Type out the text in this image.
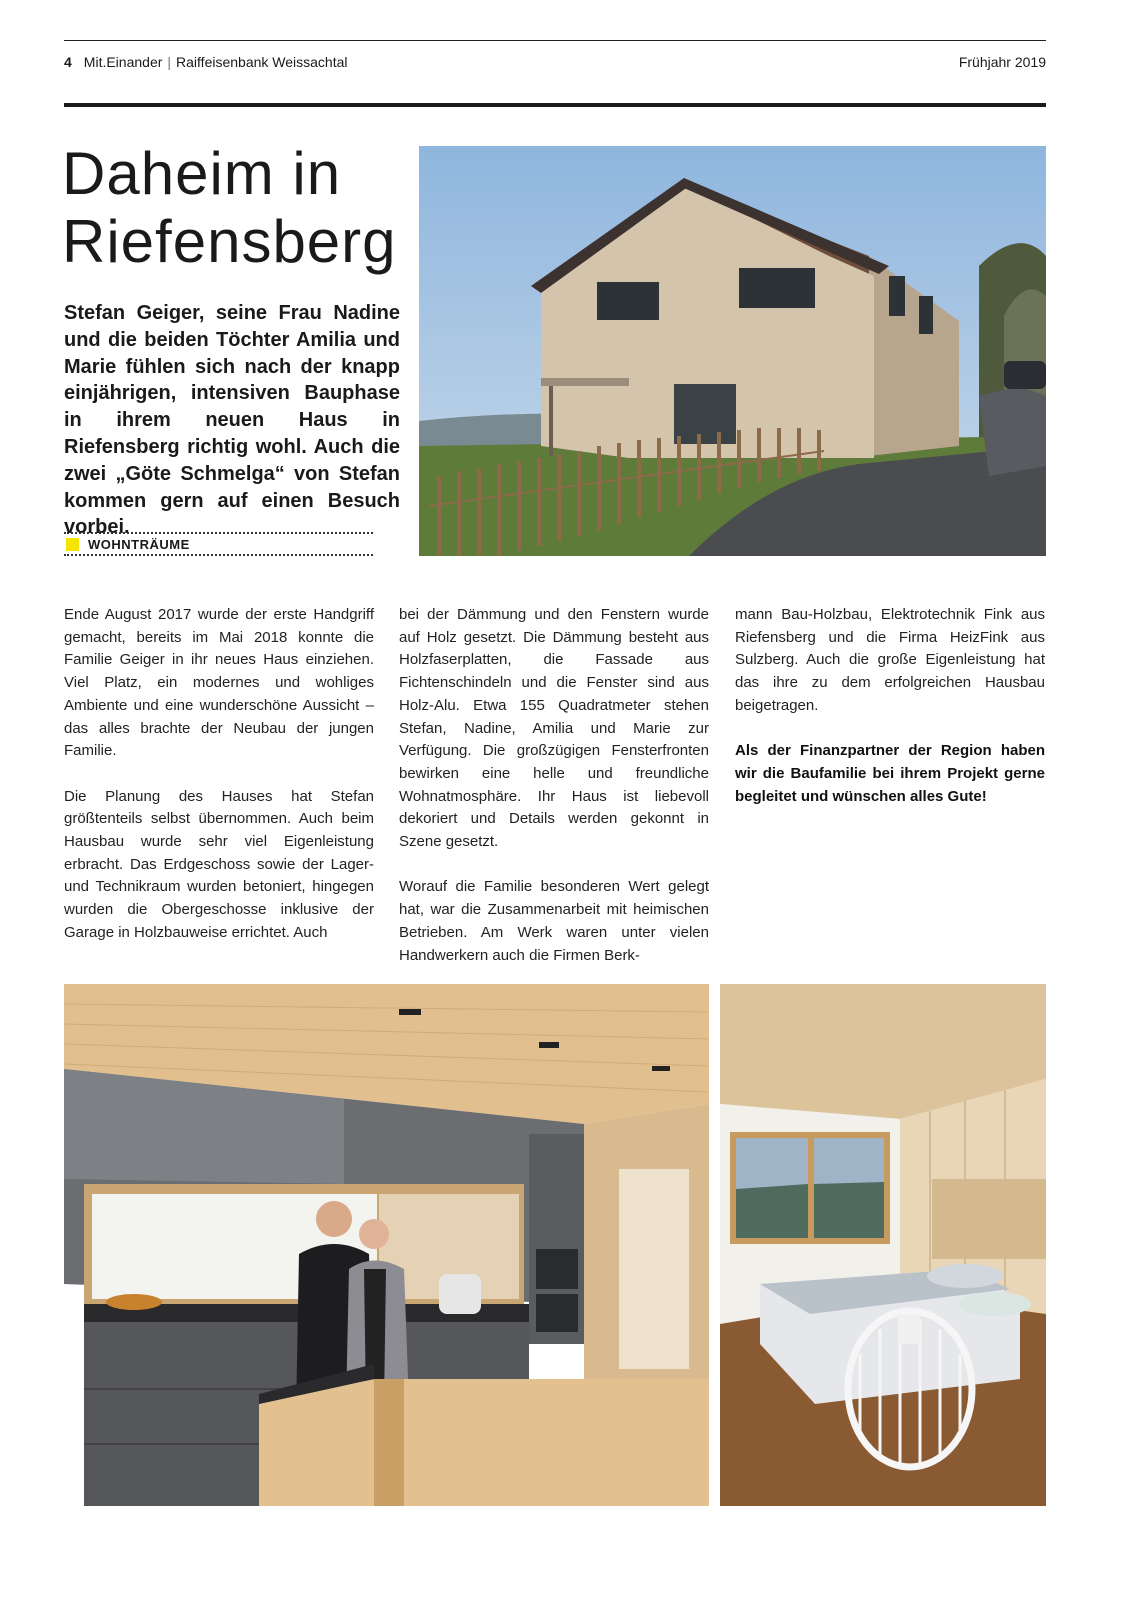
4 Mit.Einander | Raiffeisenbank Weissachtal	Frühjahr 2019
Daheim in
Riefensberg

Stefan Geiger, seine Frau Nadine und die beiden Töchter Amilia und Marie fühlen sich nach der knapp einjährigen, intensiven Bauphase in ihrem neuen Haus in Riefensberg richtig wohl. Auch die zwei „Göte Schmelga“ von Stefan kommen gern auf einen Besuch vorbei.

WOHNTRÄUME

Ende August 2017 wurde der erste Handgriff gemacht, bereits im Mai 2018 konnte die Familie Geiger in ihr neues Haus einziehen. Viel Platz, ein modernes und wohliges Ambiente und eine wunderschöne Aussicht – das alles brachte der Neubau der jungen Familie.

Die Planung des Hauses hat Stefan größtenteils selbst übernommen. Auch beim Hausbau wurde sehr viel Eigenleistung erbracht. Das Erdgeschoss sowie der Lager- und Technikraum wurden betoniert, hingegen wurden die Obergeschosse inklusive der Garage in Holzbauweise errichtet. Auch

bei der Dämmung und den Fenstern wurde auf Holz gesetzt. Die Dämmung besteht aus Holzfaserplatten, die Fassade aus Fichtenschindeln und die Fenster sind aus Holz-Alu. Etwa 155 Quadratmeter stehen Stefan, Nadine, Amilia und Marie zur Verfügung. Die großzügigen Fensterfronten bewirken eine helle und freundliche Wohnatmosphäre. Ihr Haus ist liebevoll dekoriert und Details werden gekonnt in Szene gesetzt.

Worauf die Familie besonderen Wert gelegt hat, war die Zusammenarbeit mit heimischen Betrieben. Am Werk waren unter vielen Handwerkern auch die Firmen Berk-

mann Bau-Holzbau, Elektrotechnik Fink aus Riefensberg und die Firma HeizFink aus Sulzberg. Auch die große Eigenleistung hat das ihre zu dem erfolgreichen Hausbau beigetragen.

Als der Finanzpartner der Region haben wir die Baufamilie bei ihrem Projekt gerne begleitet und wünschen alles Gute!
